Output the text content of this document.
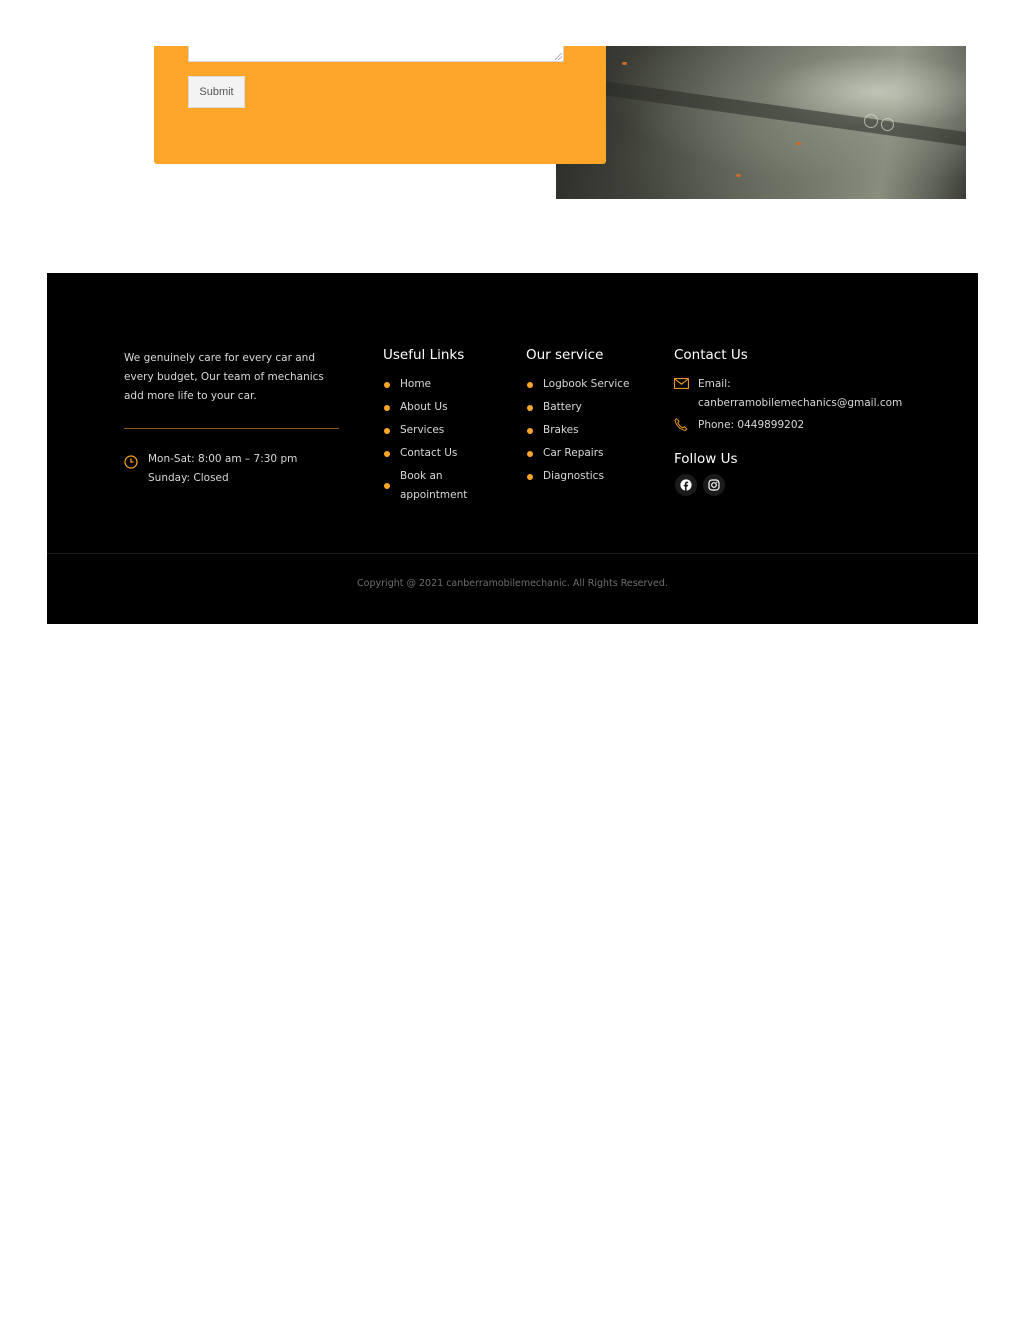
Submit
We genuinely care for every car and every budget, Our team of mechanics add more life to your car.
Mon-Sat: 8:00 am – 7:30 pm
Sunday: Closed
Useful Links
Home
About Us
Services
Contact Us
Book an appointment
Our service
Logbook Service
Battery
Brakes
Car Repairs
Diagnostics
Contact Us
Email:
canberramobilemechanics@gmail.com
Phone: 0449899202
Follow Us
Copyright @ 2021 canberramobilemechanic. All Rights Reserved.
